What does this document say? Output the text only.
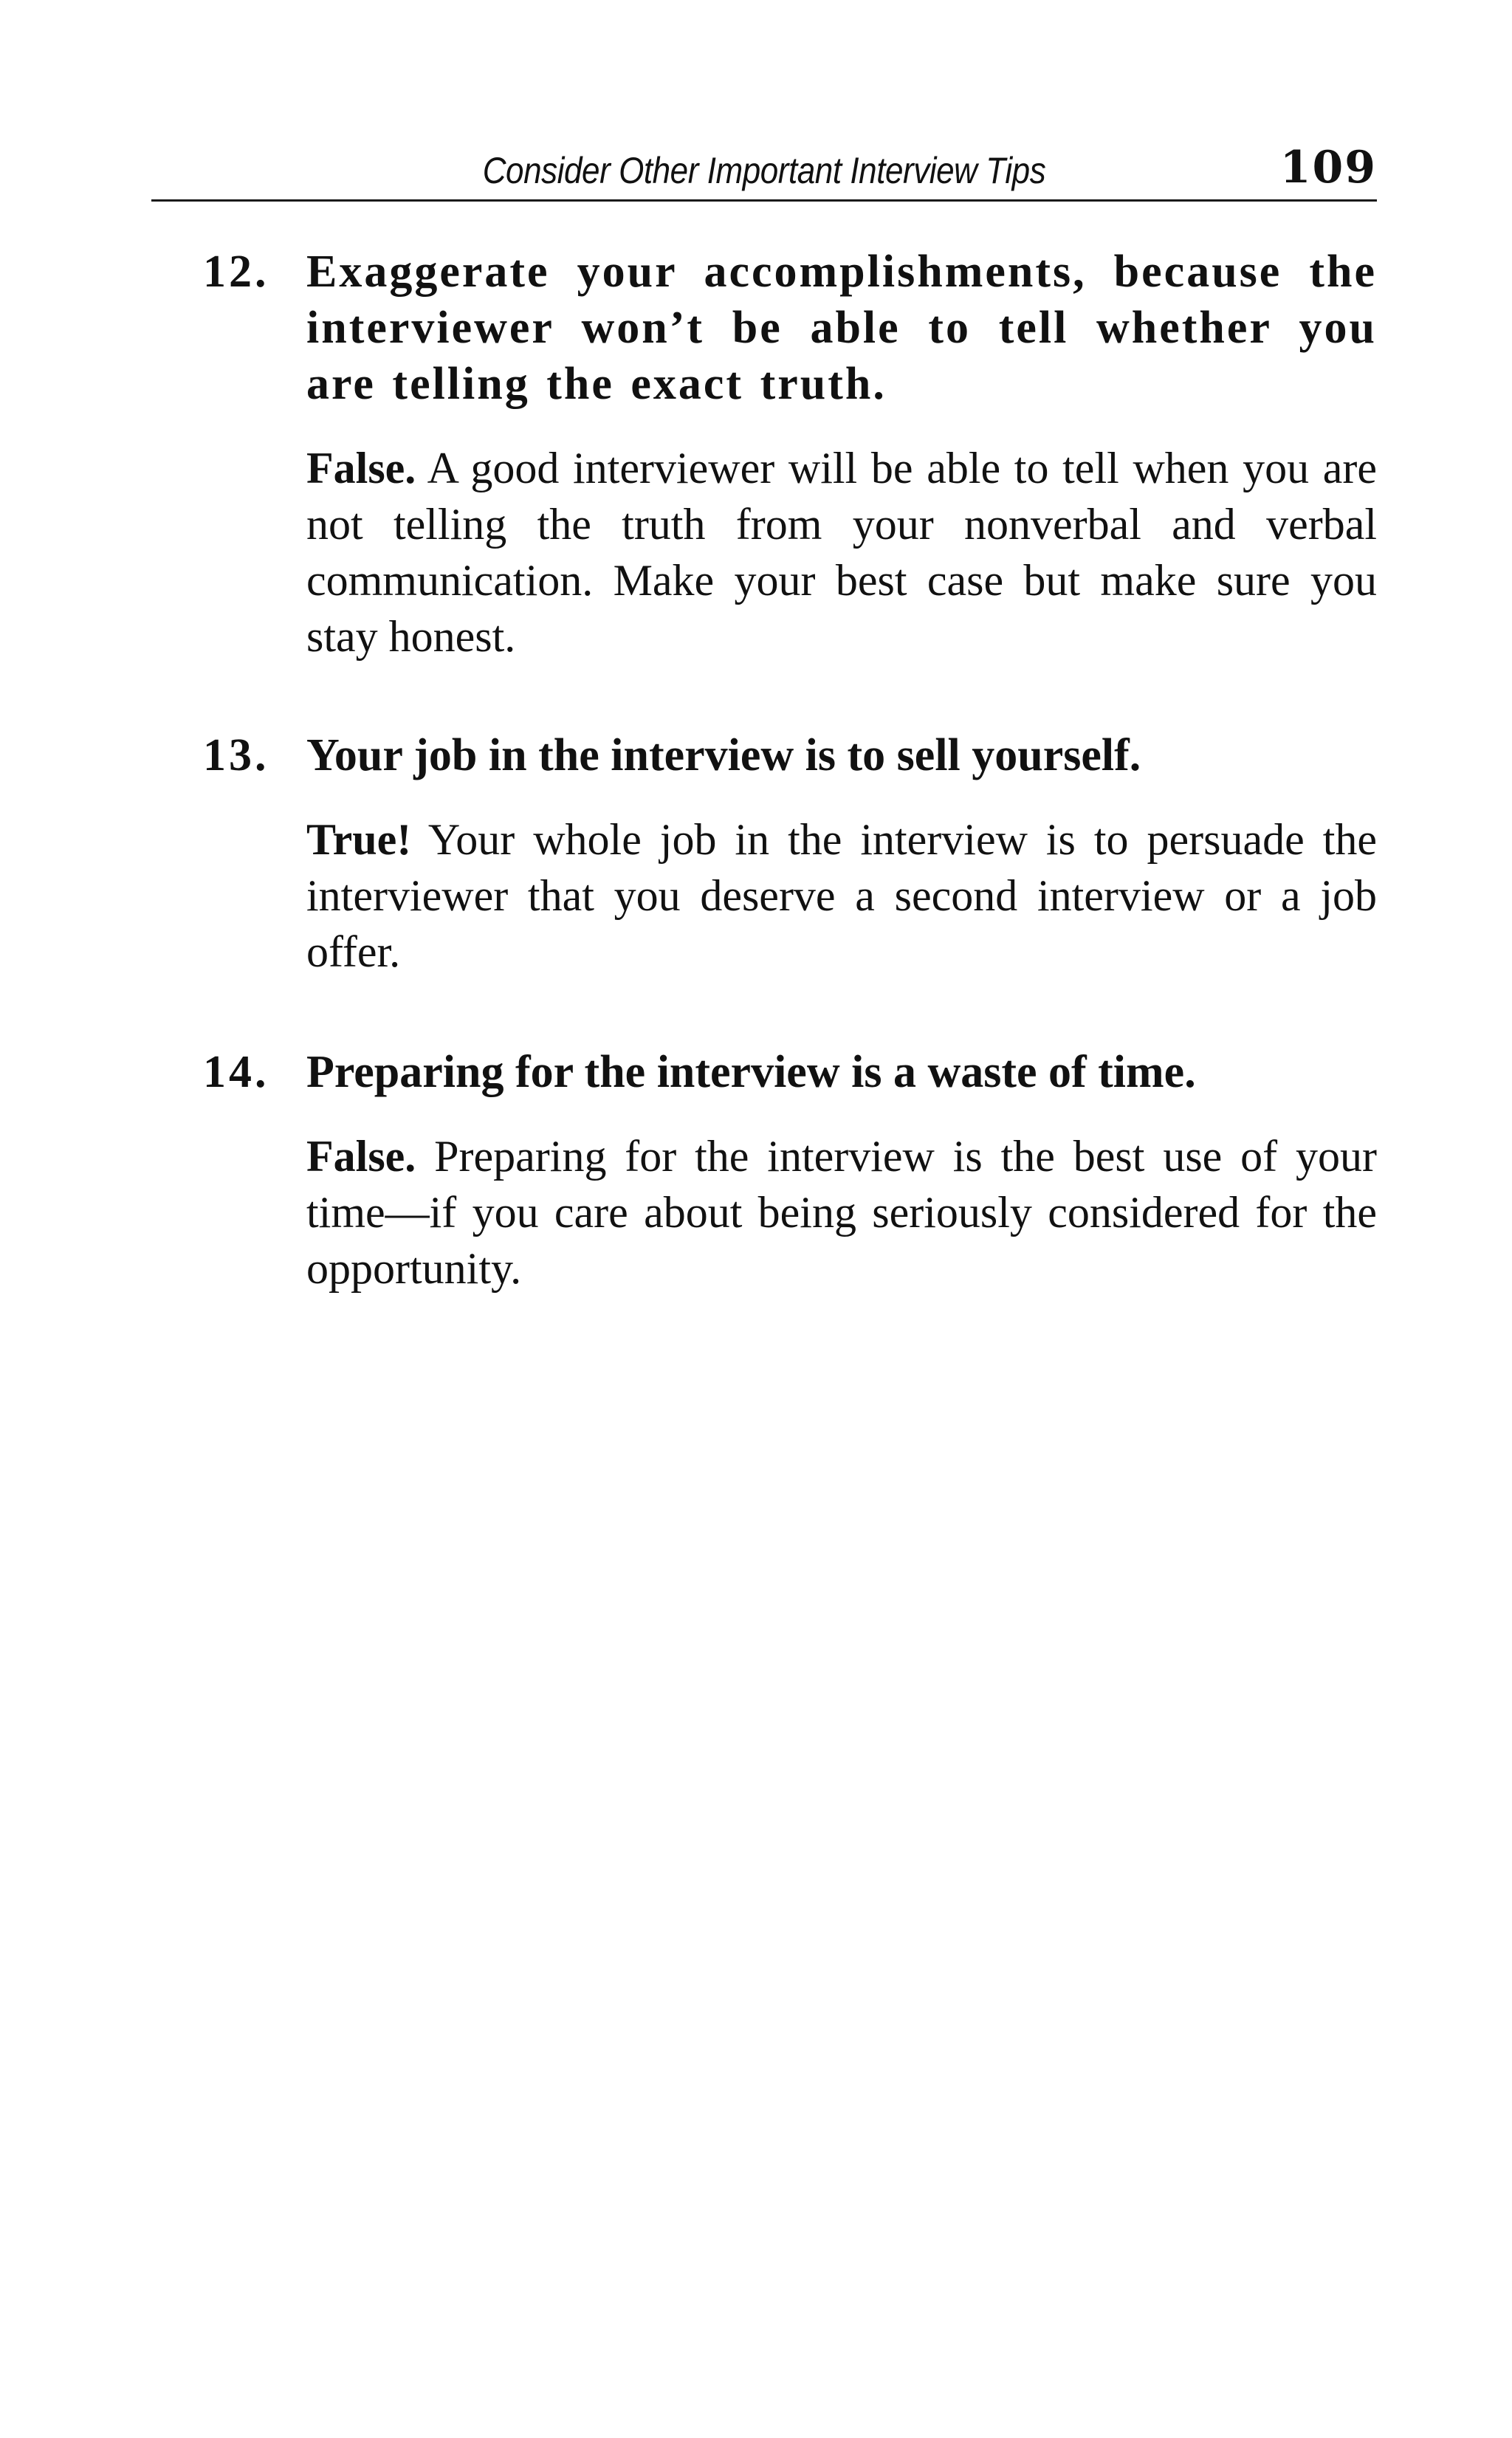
Consider Other Important Interview Tips	109
12. Exaggerate your accomplishments, because the interviewer won’t be able to tell whether you are telling the exact truth.

False. A good interviewer will be able to tell when you are not telling the truth from your nonverbal and verbal communication. Make your best case but make sure you stay honest.

13. Your job in the interview is to sell yourself.

True! Your whole job in the interview is to persuade the interviewer that you deserve a second interview or a job offer.

14. Preparing for the interview is a waste of time.

False. Preparing for the interview is the best use of your time—if you care about being seriously considered for the opportunity.
